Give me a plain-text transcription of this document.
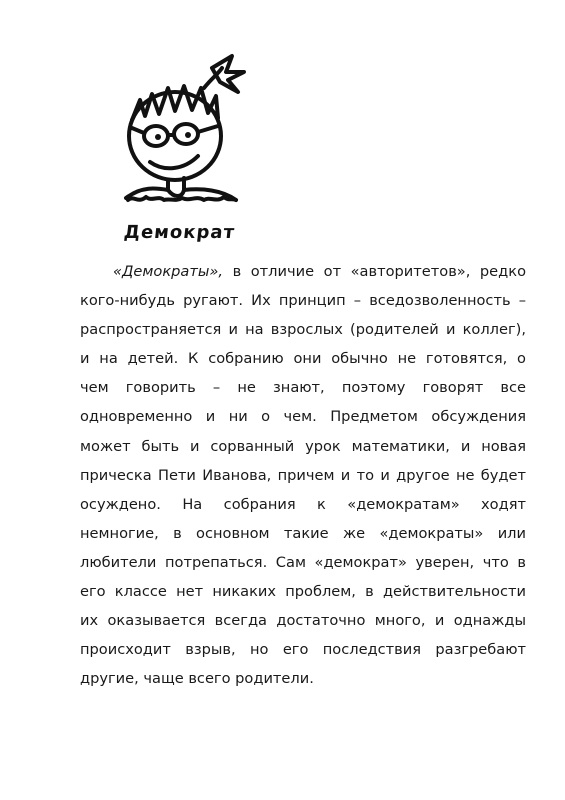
Демократ
«Демократы», в отличие от «авторитетов», редко
кого-нибудь ругают. Их принцип – вседозволенность –
распространяется и на взрослых (родителей и коллег),
и на детей. К собранию они обычно не готовятся, о
чем говорить – не знают, поэтому говорят все
одновременно и ни о чем. Предметом обсуждения
может быть и сорванный урок математики, и новая
прическа Пети Иванова, причем и то и другое не будет
осуждено. На собрания к «демократам» ходят
немногие, в основном такие же «демократы» или
любители потрепаться. Сам «демократ» уверен, что в
его классе нет никаких проблем, в действительности
их оказывается всегда достаточно много, и однажды
происходит взрыв, но его последствия разгребают
другие, чаще всего родители.
